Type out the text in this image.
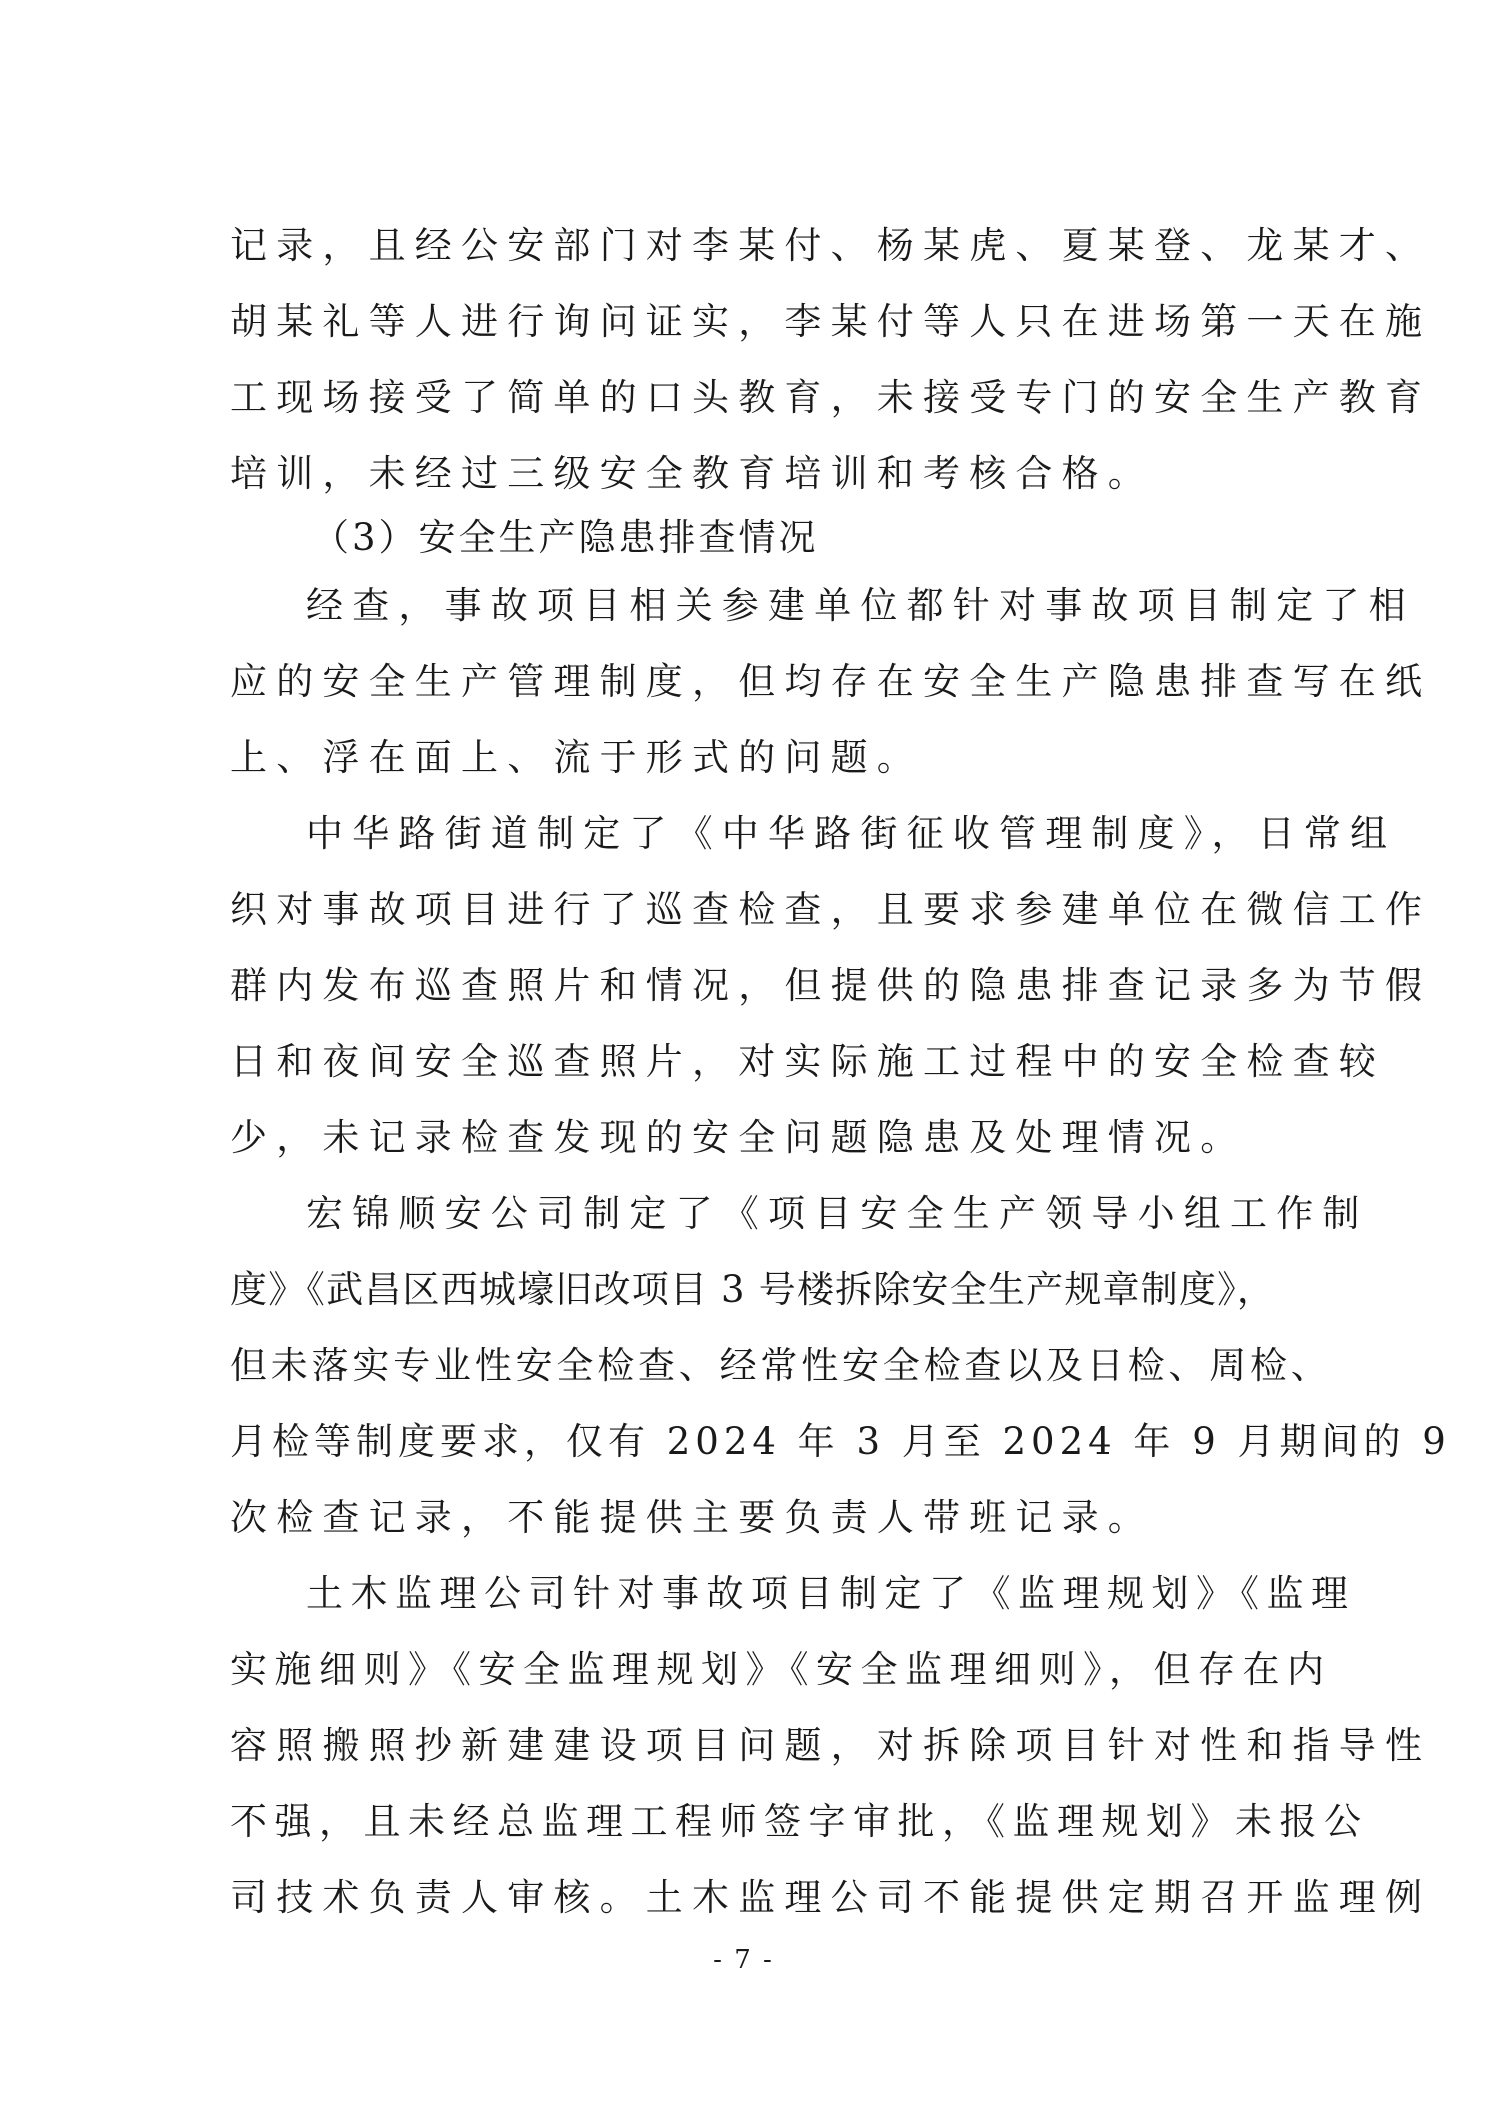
记录，且经公安部门对李某付、杨某虎、夏某登、龙某才、
胡某礼等人进行询问证实，李某付等人只在进场第一天在施
工现场接受了简单的口头教育，未接受专门的安全生产教育
培训，未经过三级安全教育培训和考核合格。
（3）安全生产隐患排查情况
经查，事故项目相关参建单位都针对事故项目制定了相
应的安全生产管理制度，但均存在安全生产隐患排查写在纸
上、浮在面上、流于形式的问题。
中华路街道制定了《中华路街征收管理制度》，日常组
织对事故项目进行了巡查检查，且要求参建单位在微信工作
群内发布巡查照片和情况，但提供的隐患排查记录多为节假
日和夜间安全巡查照片，对实际施工过程中的安全检查较
少，未记录检查发现的安全问题隐患及处理情况。
宏锦顺安公司制定了《项目安全生产领导小组工作制
度》《武昌区西城壕旧改项目 3 号楼拆除安全生产规章制度》，
但未落实专业性安全检查、经常性安全检查以及日检、周检、
月检等制度要求，仅有 2024 年 3 月至 2024 年 9 月期间的 9
次检查记录，不能提供主要负责人带班记录。
土木监理公司针对事故项目制定了《监理规划》《监理
实施细则》《安全监理规划》《安全监理细则》，但存在内
容照搬照抄新建建设项目问题，对拆除项目针对性和指导性
不强，且未经总监理工程师签字审批，《监理规划》未报公
司技术负责人审核。土木监理公司不能提供定期召开监理例
- 7 -
